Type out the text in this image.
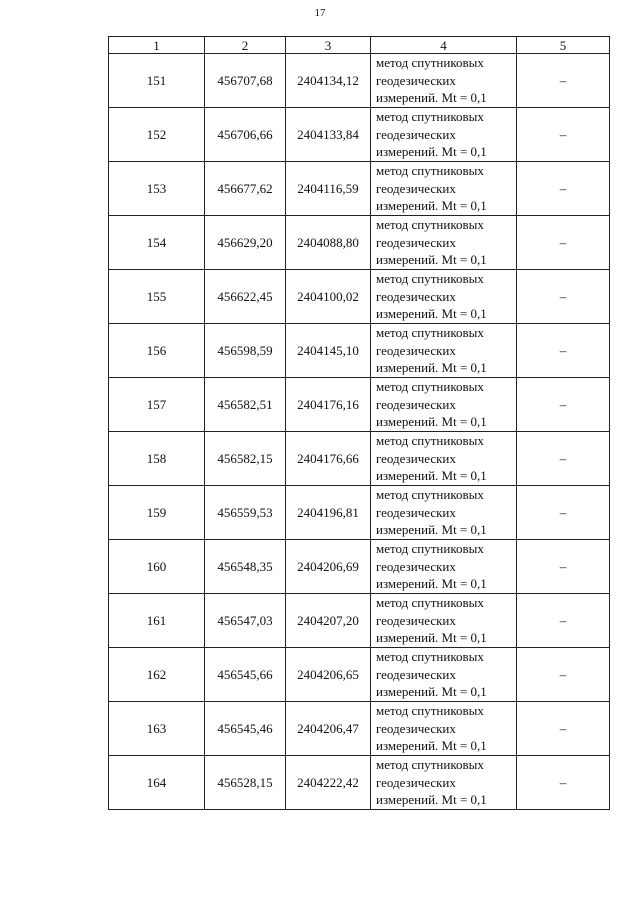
17
1	2	3	4	5
151	456707,68	2404134,12	метод спутниковых
геодезических
измерений. Mt = 0,1	–
152	456706,66	2404133,84	метод спутниковых
геодезических
измерений. Mt = 0,1	–
153	456677,62	2404116,59	метод спутниковых
геодезических
измерений. Mt = 0,1	–
154	456629,20	2404088,80	метод спутниковых
геодезических
измерений. Mt = 0,1	–
155	456622,45	2404100,02	метод спутниковых
геодезических
измерений. Mt = 0,1	–
156	456598,59	2404145,10	метод спутниковых
геодезических
измерений. Mt = 0,1	–
157	456582,51	2404176,16	метод спутниковых
геодезических
измерений. Mt = 0,1	–
158	456582,15	2404176,66	метод спутниковых
геодезических
измерений. Mt = 0,1	–
159	456559,53	2404196,81	метод спутниковых
геодезических
измерений. Mt = 0,1	–
160	456548,35	2404206,69	метод спутниковых
геодезических
измерений. Mt = 0,1	–
161	456547,03	2404207,20	метод спутниковых
геодезических
измерений. Mt = 0,1	–
162	456545,66	2404206,65	метод спутниковых
геодезических
измерений. Mt = 0,1	–
163	456545,46	2404206,47	метод спутниковых
геодезических
измерений. Mt = 0,1	–
164	456528,15	2404222,42	метод спутниковых
геодезических
измерений. Mt = 0,1	–
